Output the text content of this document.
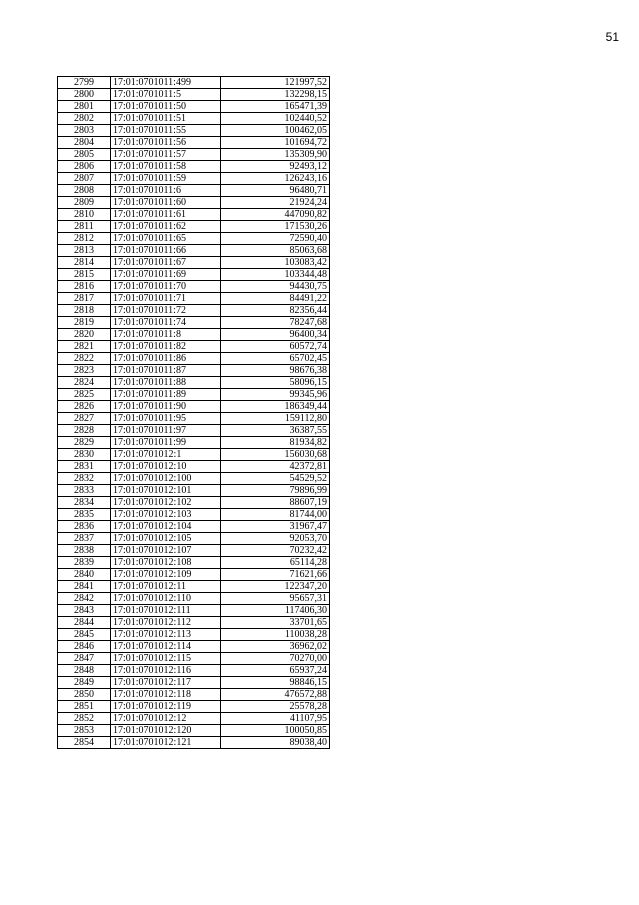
51
2799	17:01:0701011:499	121997,52
2800	17:01:0701011:5	132298,15
2801	17:01:0701011:50	165471,39
2802	17:01:0701011:51	102440,52
2803	17:01:0701011:55	100462,05
2804	17:01:0701011:56	101694,72
2805	17:01:0701011:57	135309,90
2806	17:01:0701011:58	92493,12
2807	17:01:0701011:59	126243,16
2808	17:01:0701011:6	96480,71
2809	17:01:0701011:60	21924,24
2810	17:01:0701011:61	447090,82
2811	17:01:0701011:62	171530,26
2812	17:01:0701011:65	72590,40
2813	17:01:0701011:66	85063,68
2814	17:01:0701011:67	103083,42
2815	17:01:0701011:69	103344,48
2816	17:01:0701011:70	94430,75
2817	17:01:0701011:71	84491,22
2818	17:01:0701011:72	82356,44
2819	17:01:0701011:74	78247,68
2820	17:01:0701011:8	96400,34
2821	17:01:0701011:82	60572,74
2822	17:01:0701011:86	65702,45
2823	17:01:0701011:87	98676,38
2824	17:01:0701011:88	58096,15
2825	17:01:0701011:89	99345,96
2826	17:01:0701011:90	186349,44
2827	17:01:0701011:95	159112,80
2828	17:01:0701011:97	36387,55
2829	17:01:0701011:99	81934,82
2830	17:01:0701012:1	156030,68
2831	17:01:0701012:10	42372,81
2832	17:01:0701012:100	54529,52
2833	17:01:0701012:101	79896,99
2834	17:01:0701012:102	88607,19
2835	17:01:0701012:103	81744,00
2836	17:01:0701012:104	31967,47
2837	17:01:0701012:105	92053,70
2838	17:01:0701012:107	70232,42
2839	17:01:0701012:108	65114,28
2840	17:01:0701012:109	71621,66
2841	17:01:0701012:11	122347,20
2842	17:01:0701012:110	95657,31
2843	17:01:0701012:111	117406,30
2844	17:01:0701012:112	33701,65
2845	17:01:0701012:113	110038,28
2846	17:01:0701012:114	36962,02
2847	17:01:0701012:115	70270,00
2848	17:01:0701012:116	65937,24
2849	17:01:0701012:117	98846,15
2850	17:01:0701012:118	476572,88
2851	17:01:0701012:119	25578,28
2852	17:01:0701012:12	41107,95
2853	17:01:0701012:120	100050,85
2854	17:01:0701012:121	89038,40
